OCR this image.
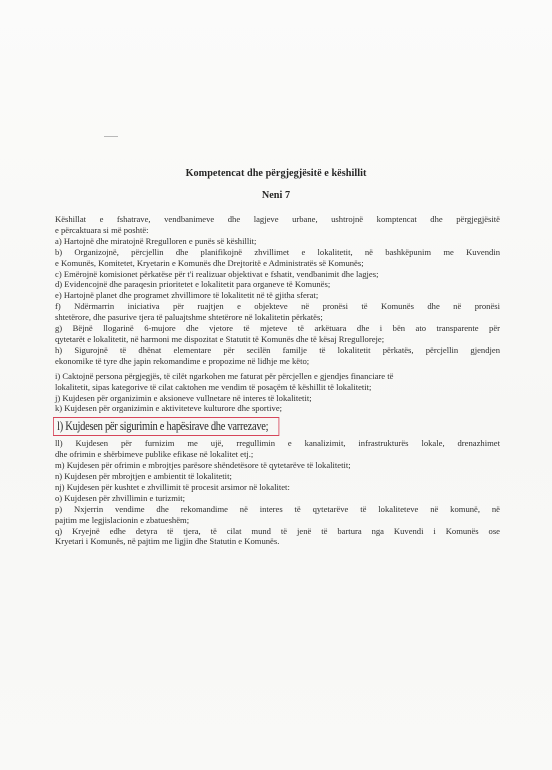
Kompetencat dhe përgjegjësitë e këshillit
Neni 7
Këshillat e fshatrave, vendbanimeve dhe lagjeve urbane, ushtrojnë komptencat dhe përgjegjësitë
e përcaktuara si më poshtë:
a) Hartojnë dhe miratojnë Rregulloren e punës së këshillit;
b) Organizojnë, përcjellin dhe planifikojnë zhvillimet e lokalitetit, në bashkëpunim me Kuvendin
e Komunës, Komitetet, Kryetarin e Komunës dhe Drejtoritë e Administratës së Komunës;
c) Emërojnë komisionet përkatëse për t'i realizuar objektivat e fshatit, vendbanimit dhe lagjes;
d) Evidencojnë dhe paraqesin prioritetet e lokalitetit para organeve të Komunës;
e) Hartojnë planet dhe programet zhvillimore të lokalitetit në të gjitha sferat;
f) Ndërmarrin iniciativa për ruajtjen e objekteve në pronësi të Komunës dhe në pronësi
shtetërore, dhe pasurive tjera të paluajtshme shtetërore në lokalitetin përkatës;
g) Bëjnë llogarinë 6-mujore dhe vjetore të mjeteve të arkëtuara dhe i bën ato transparente për
qytetarët e lokalitetit, në harmoni me dispozitat e Statutit të Komunës dhe të kësaj Rregulloreje;
h) Sigurojnë të dhënat elementare për secilën familje të lokalitetit përkatës, përcjellin gjendjen
ekonomike të tyre dhe japin rekomandime e propozime në lidhje me këto;
i) Caktojnë persona përgjegjës, të cilët ngarkohen me faturat për përcjellen e gjendjes financiare të
lokalitetit, sipas kategorive të cilat caktohen me vendim të posaçëm të këshillit të lokalitetit;
j) Kujdesen për organizimin e aksioneve vullnetare në interes të lokalitetit;
k) Kujdesen për organizimin e aktiviteteve kulturore dhe sportive;
l) Kujdesen për sigurimin e hapësirave dhe varrezave;
ll) Kujdesen për furnizim me ujë, rregullimin e kanalizimit, infrastrukturës lokale, drenazhimet
dhe ofrimin e shërbimeve publike efikase në lokalitet etj.;
m) Kujdesen për ofrimin e mbrojtjes parësore shëndetësore të qytetarëve të lokalitetit;
n) Kujdesen për mbrojtjen e ambientit të lokalitetit;
nj) Kujdesen për kushtet e zhvillimit të procesit arsimor në lokalitet:
o) Kujdesen për zhvillimin e turizmit;
p) Nxjerrin vendime dhe rekomandime në interes të qytetarëve të lokaliteteve në komunë, në
pajtim me legjislacionin e zbatueshëm;
q) Kryejnë edhe detyra të tjera, të cilat mund të jenë të bartura nga Kuvendi i Komunës ose
Kryetari i Komunës, në pajtim me ligjin dhe Statutin e Komunës.
